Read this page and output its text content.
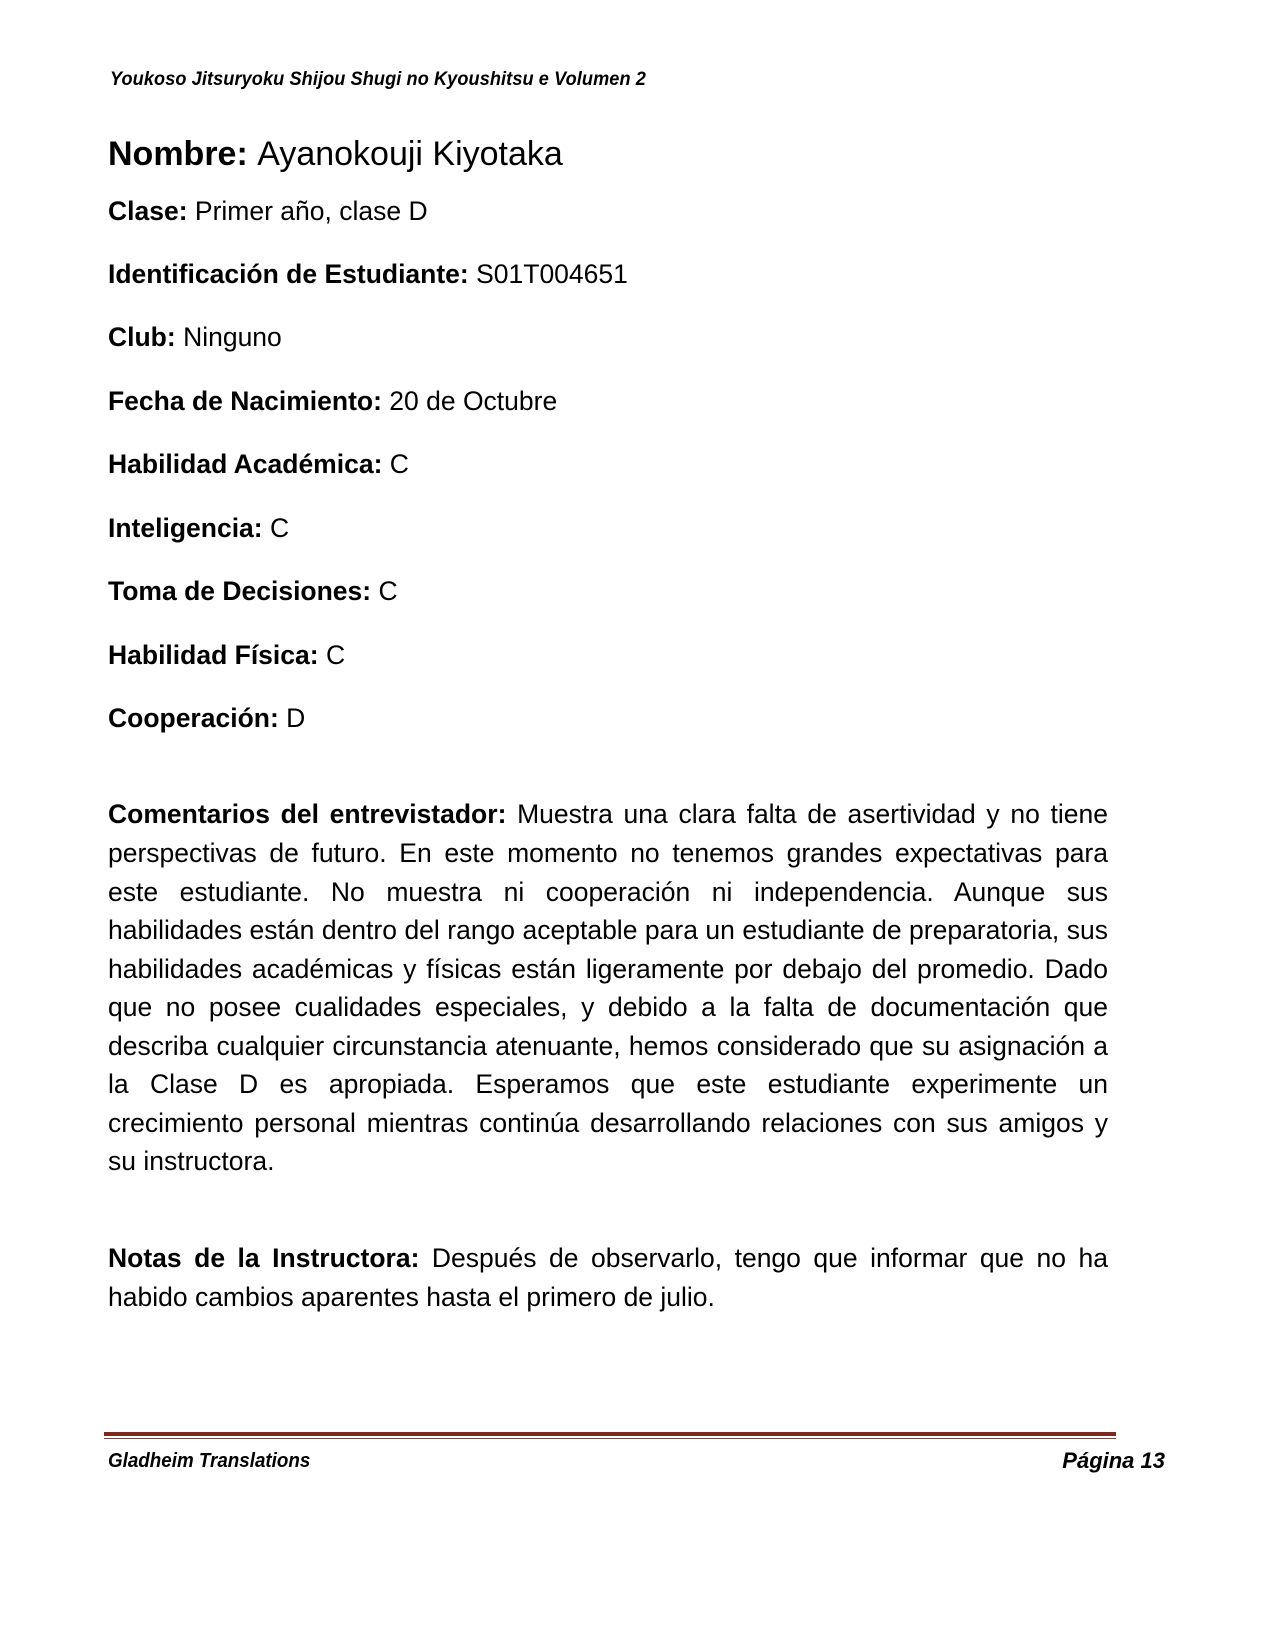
Youkoso Jitsuryoku Shijou Shugi no Kyoushitsu e Volumen 2

Nombre: Ayanokouji Kiyotaka

Clase: Primer año, clase D

Identificación de Estudiante: S01T004651

Club: Ninguno

Fecha de Nacimiento: 20 de Octubre

Habilidad Académica: C

Inteligencia: C

Toma de Decisiones: C

Habilidad Física: C

Cooperación: D

Comentarios del entrevistador: Muestra una clara falta de asertividad y no tiene perspectivas de futuro. En este momento no tenemos grandes expectativas para este estudiante. No muestra ni cooperación ni independencia. Aunque sus habilidades están dentro del rango aceptable para un estudiante de preparatoria, sus habilidades académicas y físicas están ligeramente por debajo del promedio. Dado que no posee cualidades especiales, y debido a la falta de documentación que describa cualquier circunstancia atenuante, hemos considerado que su asignación a la Clase D es apropiada. Esperamos que este estudiante experimente un crecimiento personal mientras continúa desarrollando relaciones con sus amigos y su instructora.

Notas de la Instructora: Después de observarlo, tengo que informar que no ha habido cambios aparentes hasta el primero de julio.

Gladheim Translations	Página 13
